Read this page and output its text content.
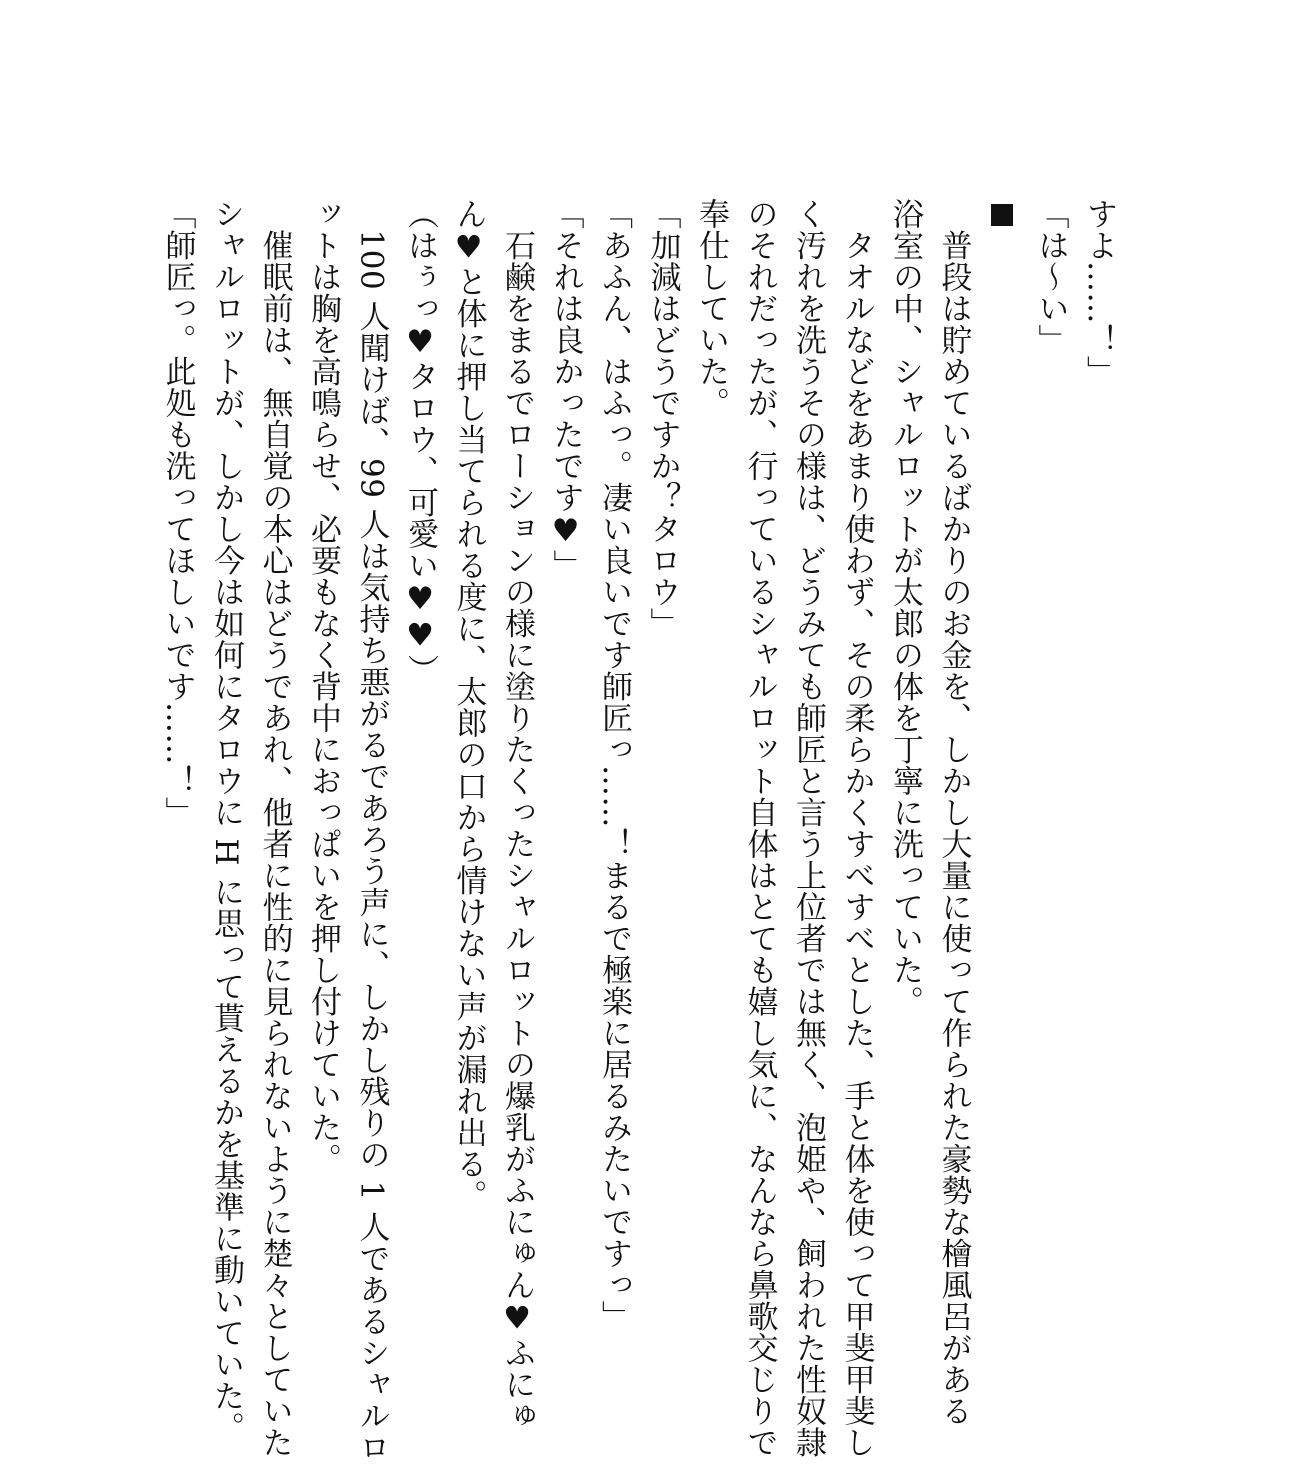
すよ……！」
「は～い」
　普段は貯めているばかりのお金を、しかし大量に使って作られた豪勢な檜風呂がある
浴室の中、シャルロットが太郎の体を丁寧に洗っていた。
　タオルなどをあまり使わず、その柔らかくすべすべとした、手と体を使って甲斐甲斐し
く汚れを洗うその様は、どうみても師匠と言う上位者では無く、泡姫や、飼われた性奴隷
のそれだったが、行っているシャルロット自体はとても嬉し気に、なんなら鼻歌交じりで
奉仕していた。
「加減はどうですか？タロウ」
「あふん、はふっ。凄い良いです師匠っ……！まるで極楽に居るみたいですっ」
「それは良かったです♥」
　石鹸をまるでローションの様に塗りたくったシャルロットの爆乳がふにゅん♥ふにゅ
ん♥と体に押し当てられる度に、太郎の口から情けない声が漏れ出る。
（はぅっ♥タロウ、可愛い♥♥）
　100 人聞けば、99 人は気持ち悪がるであろう声に、しかし残りの 1 人であるシャルロ
ットは胸を高鳴らせ、必要もなく背中におっぱいを押し付けていた。
　催眠前は、無自覚の本心はどうであれ、他者に性的に見られないように楚々としていた
シャルロットが、しかし今は如何にタロウに H に思って貰えるかを基準に動いていた。
「師匠っ。此処も洗ってほしいです……！」
